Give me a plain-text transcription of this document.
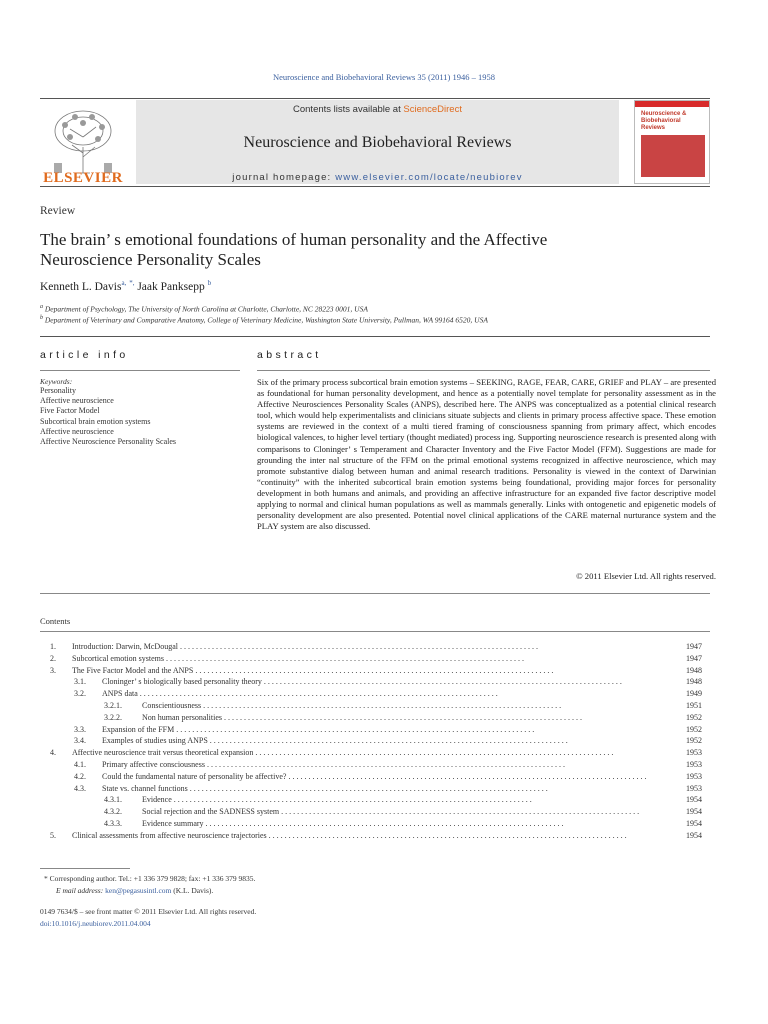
Neuroscience and Biobehavioral Reviews 35 (2011) 1946 – 1958
ELSEVIER
Contents lists available at ScienceDirect
Neuroscience and Biobehavioral Reviews
journal homepage: www.elsevier.com/locate/neubiorev
Neuroscience & Biobehavioral Reviews
Review
The brain’ s emotional foundations of human personality and the Affective
Neuroscience Personality Scales
Kenneth L. Davis$^{a,}$ *, Jaak Panksepp $^b$
$^a$ Department of Psychology, The University of North Carolina at Charlotte, Charlotte, NC 28223 0001, USA
$^b$ Department of Veterinary and Comparative Anatomy, College of Veterinary Medicine, Washington State University, Pullman, WA 99164 6520, USA
article info	abstract
Keywords:
Personality
Affective neuroscience
Five Factor Model
Subcortical brain emotion systems
Affective neuroscience
Affective Neuroscience Personality Scales
Six of the primary process subcortical brain emotion systems – SEEKING, RAGE, FEAR, CARE, GRIEF and PLAY – are presented as foundational for human personality development, and hence as a potentially novel template for personality assessment as in the Affective Neurosciences Personality Scales (ANPS), described here. The ANPS was conceptualized as a potential clinical research tool, which would help experimentalists and clinicians situate subjects and clients in primary process affective space. These emotion systems are reviewed in the context of a multi tiered framing of consciousness spanning from primary affect, which encodes biological valences, to higher level tertiary (thought mediated) process ing. Supporting neuroscience research is presented along with comparisons to Cloninger’ s Temperament and Character Inventory and the Five Factor Model (FFM). Suggestions are made for grounding the inter nal structure of the FFM on the primal emotional systems recognized in affective neuroscience, which may promote substantive dialog between human and animal research traditions. Personality is viewed in the context of Darwinian “continuity” with the inherited subcortical brain emotion systems being foundational, providing major forces for personality development in both humans and animals, and providing an affective infrastructure for an expanded five factor descriptive model applying to normal and clinical human populations as well as mammals generally. Links with ontogenetic and epigenetic models of personality development are also presented. Potential novel clinical applications of the CARE maternal nurturance system and the PLAY system are also discussed.
© 2011 Elsevier Ltd. All rights reserved.
Contents
1. Introduction: Darwin, McDougal . . . . . . . . . . . . . . . . . . . . . . . . . . . . . . . . . . . . . . . . . . . . . . . . . . . . . . . . . . . . . . . . . . . . . . . . . . . . . . . . . . . . . . . . . .	1947
2. Subcortical emotion systems . . . . . . . . . . . . . . . . . . . . . . . . . . . . . . . . . . . . . . . . . . . . . . . . . . . . . . . . . . . . . . . . . . . . . . . . . . . . . . . . . . . . . . . . . .	1947
3. The Five Factor Model and the ANPS . . . . . . . . . . . . . . . . . . . . . . . . . . . . . . . . . . . . . . . . . . . . . . . . . . . . . . . . . . . . . . . . . . . . . . . . . . . . . . . . . . . . . . . . . .	1948
3.1. Cloninger’ s biologically based personality theory . . . . . . . . . . . . . . . . . . . . . . . . . . . . . . . . . . . . . . . . . . . . . . . . . . . . . . . . . . . . . . . . . . . . . . . . . . . . . . . . . . . . . . . . . .	1948
3.2. ANPS data . . . . . . . . . . . . . . . . . . . . . . . . . . . . . . . . . . . . . . . . . . . . . . . . . . . . . . . . . . . . . . . . . . . . . . . . . . . . . . . . . . . . . . . . . .	1949
3.2.1.	Conscientiousness . . . . . . . . . . . . . . . . . . . . . . . . . . . . . . . . . . . . . . . . . . . . . . . . . . . . . . . . . . . . . . . . . . . . . . . . . . . . . . . . . . . . . . . . . .	1951
3.2.2.	Non human personalities . . . . . . . . . . . . . . . . . . . . . . . . . . . . . . . . . . . . . . . . . . . . . . . . . . . . . . . . . . . . . . . . . . . . . . . . . . . . . . . . . . . . . . . . . .	1952
3.3. Expansion of the FFM . . . . . . . . . . . . . . . . . . . . . . . . . . . . . . . . . . . . . . . . . . . . . . . . . . . . . . . . . . . . . . . . . . . . . . . . . . . . . . . . . . . . . . . . . .	1952
3.4. Examples of studies using ANPS . . . . . . . . . . . . . . . . . . . . . . . . . . . . . . . . . . . . . . . . . . . . . . . . . . . . . . . . . . . . . . . . . . . . . . . . . . . . . . . . . . . . . . . . . .	1952
4. Affective neuroscience trait versus theoretical expansion . . . . . . . . . . . . . . . . . . . . . . . . . . . . . . . . . . . . . . . . . . . . . . . . . . . . . . . . . . . . . . . . . . . . . . . . . . . . . . . . . . . . . . . . . .	1953
4.1. Primary affective consciousness . . . . . . . . . . . . . . . . . . . . . . . . . . . . . . . . . . . . . . . . . . . . . . . . . . . . . . . . . . . . . . . . . . . . . . . . . . . . . . . . . . . . . . . . . .	1953
4.2. Could the fundamental nature of personality be affective? . . . . . . . . . . . . . . . . . . . . . . . . . . . . . . . . . . . . . . . . . . . . . . . . . . . . . . . . . . . . . . . . . . . . . . . . . . . . . . . . . . . . . . . . . .	1953
4.3. State vs. channel functions . . . . . . . . . . . . . . . . . . . . . . . . . . . . . . . . . . . . . . . . . . . . . . . . . . . . . . . . . . . . . . . . . . . . . . . . . . . . . . . . . . . . . . . . . .	1953
4.3.1.	Evidence . . . . . . . . . . . . . . . . . . . . . . . . . . . . . . . . . . . . . . . . . . . . . . . . . . . . . . . . . . . . . . . . . . . . . . . . . . . . . . . . . . . . . . . . . .	1954
4.3.2.	Social rejection and the SADNESS system . . . . . . . . . . . . . . . . . . . . . . . . . . . . . . . . . . . . . . . . . . . . . . . . . . . . . . . . . . . . . . . . . . . . . . . . . . . . . . . . . . . . . . . . . .	1954
4.3.3.	Evidence summary . . . . . . . . . . . . . . . . . . . . . . . . . . . . . . . . . . . . . . . . . . . . . . . . . . . . . . . . . . . . . . . . . . . . . . . . . . . . . . . . . . . . . . . . . .	1954
5. Clinical assessments from affective neuroscience trajectories . . . . . . . . . . . . . . . . . . . . . . . . . . . . . . . . . . . . . . . . . . . . . . . . . . . . . . . . . . . . . . . . . . . . . . . . . . . . . . . . . . . . . . . . . .	1954
* Corresponding author. Tel.: +1 336 379 9828; fax: +1 336 379 9835.
E mail address: ken@pegasusintl.com (K.L. Davis).
0149 7634/$ – see front matter © 2011 Elsevier Ltd. All rights reserved.
doi:10.1016/j.neubiorev.2011.04.004
